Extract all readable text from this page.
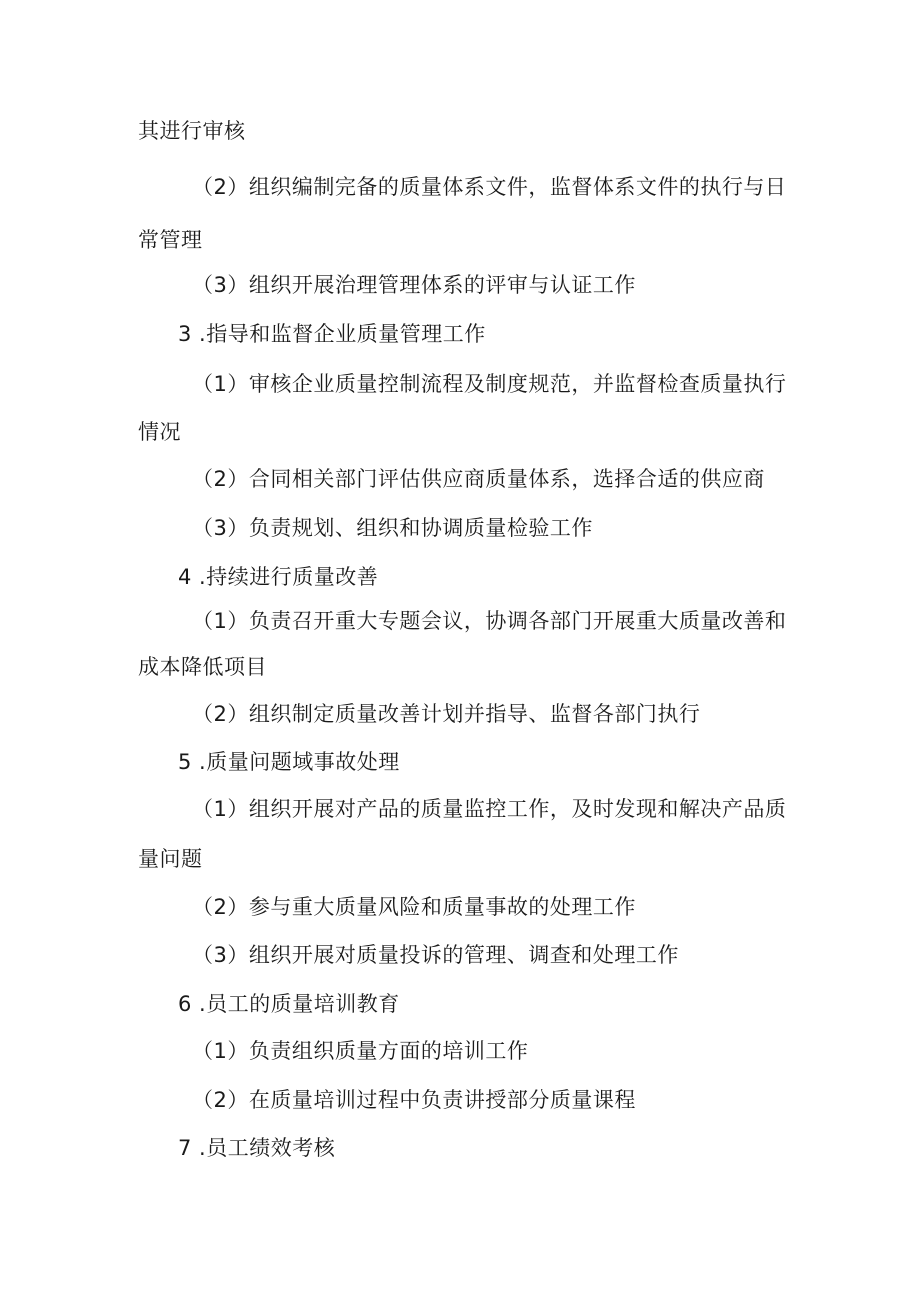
其进行审核
（2）组织编制完备的质量体系文件，监督体系文件的执行与日
常管理
（3）组织开展治理管理体系的评审与认证工作
3 .指导和监督企业质量管理工作
（1）审核企业质量控制流程及制度规范，并监督检查质量执行
情况
（2）合同相关部门评估供应商质量体系，选择合适的供应商
（3）负责规划、组织和协调质量检验工作
4 .持续进行质量改善
（1）负责召开重大专题会议，协调各部门开展重大质量改善和
成本降低项目
（2）组织制定质量改善计划并指导、监督各部门执行
5 .质量问题域事故处理
（1）组织开展对产品的质量监控工作，及时发现和解决产品质
量问题
（2）参与重大质量风险和质量事故的处理工作
（3）组织开展对质量投诉的管理、调查和处理工作
6 .员工的质量培训教育
（1）负责组织质量方面的培训工作
（2）在质量培训过程中负责讲授部分质量课程
7 .员工绩效考核
